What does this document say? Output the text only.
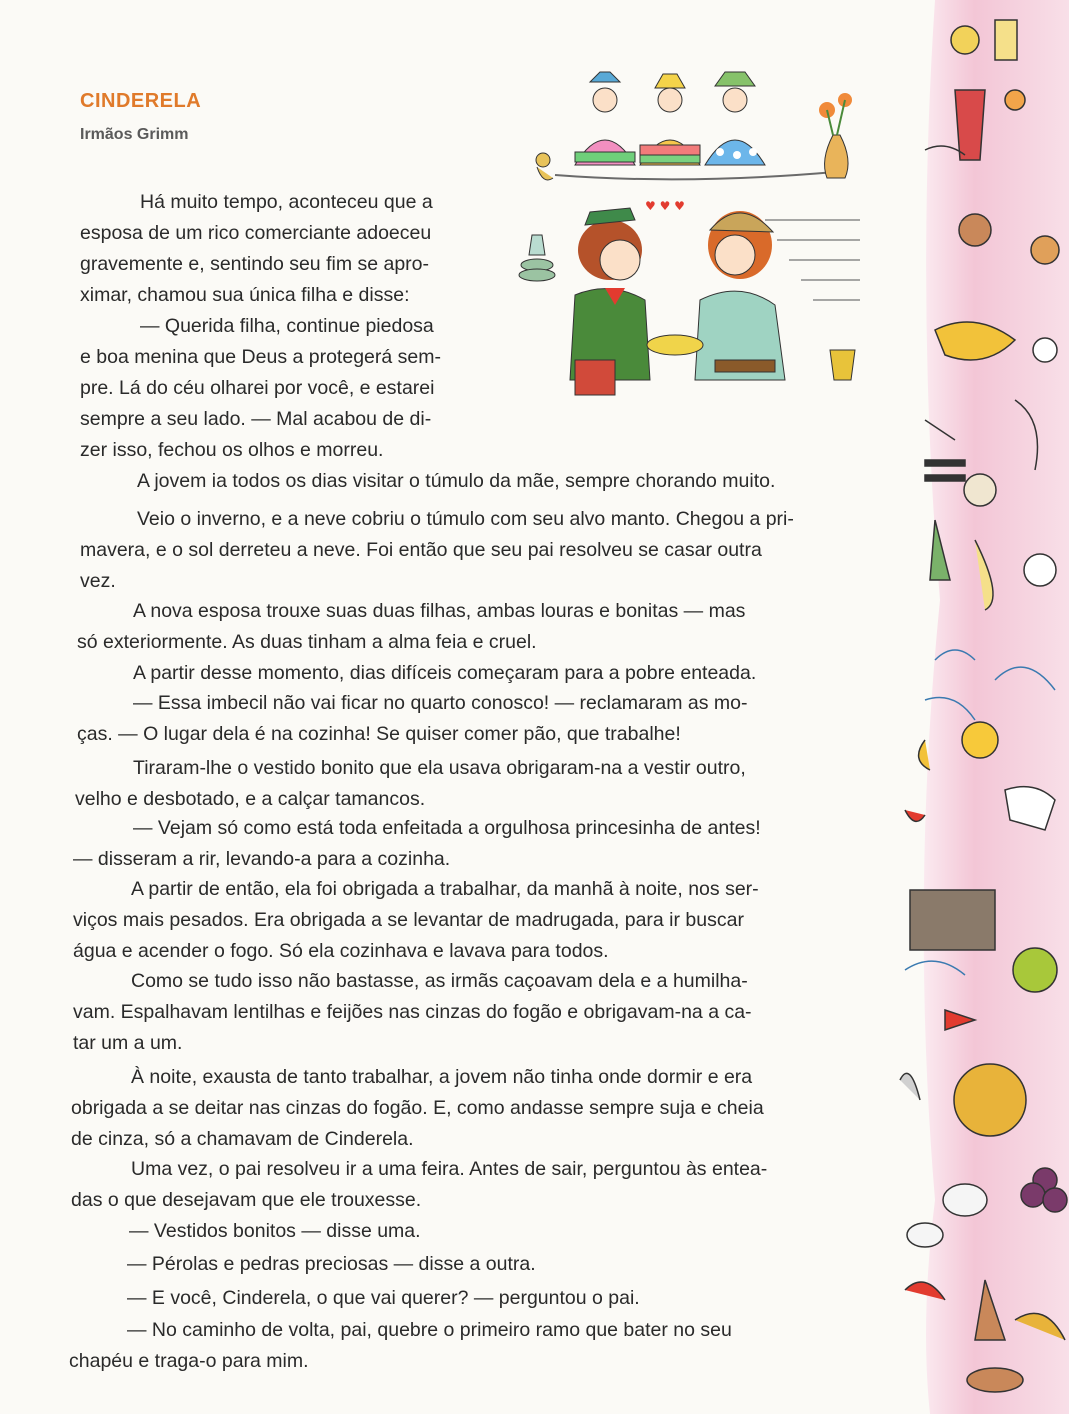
CINDERELA
Irmãos Grimm
♥ ♥ ♥
Há muito tempo, aconteceu que a
esposa de um rico comerciante adoeceu
gravemente e, sentindo seu fim se apro-
ximar, chamou sua única filha e disse:
— Querida filha, continue piedosa
e boa menina que Deus a protegerá sem-
pre. Lá do céu olharei por você, e estarei
sempre a seu lado. — Mal acabou de di-
zer isso, fechou os olhos e morreu.
A jovem ia todos os dias visitar o túmulo da mãe, sempre chorando muito.
Veio o inverno, e a neve cobriu o túmulo com seu alvo manto. Chegou a pri-
mavera, e o sol derreteu a neve. Foi então que seu pai resolveu se casar outra
vez.
A nova esposa trouxe suas duas filhas, ambas louras e bonitas — mas
só exteriormente. As duas tinham a alma feia e cruel.
A partir desse momento, dias difíceis começaram para a pobre enteada.
— Essa imbecil não vai ficar no quarto conosco! — reclamaram as mo-
ças. — O lugar dela é na cozinha! Se quiser comer pão, que trabalhe!
Tiraram-lhe o vestido bonito que ela usava obrigaram-na a vestir outro,
velho e desbotado, e a calçar tamancos.
— Vejam só como está toda enfeitada a orgulhosa princesinha de antes!
— disseram a rir, levando-a para a cozinha.
A partir de então, ela foi obrigada a trabalhar, da manhã à noite, nos ser-
viços mais pesados. Era obrigada a se levantar de madrugada, para ir buscar
água e acender o fogo. Só ela cozinhava e lavava para todos.
Como se tudo isso não bastasse, as irmãs caçoavam dela e a humilha-
vam. Espalhavam lentilhas e feijões nas cinzas do fogão e obrigavam-na a ca-
tar um a um.
À noite, exausta de tanto trabalhar, a jovem não tinha onde dormir e era
obrigada a se deitar nas cinzas do fogão. E, como andasse sempre suja e cheia
de cinza, só a chamavam de Cinderela.
Uma vez, o pai resolveu ir a uma feira. Antes de sair, perguntou às entea-
das o que desejavam que ele trouxesse.
— Vestidos bonitos — disse uma.
— Pérolas e pedras preciosas — disse a outra.
— E você, Cinderela, o que vai querer? — perguntou o pai.
— No caminho de volta, pai, quebre o primeiro ramo que bater no seu
chapéu e traga-o para mim.
